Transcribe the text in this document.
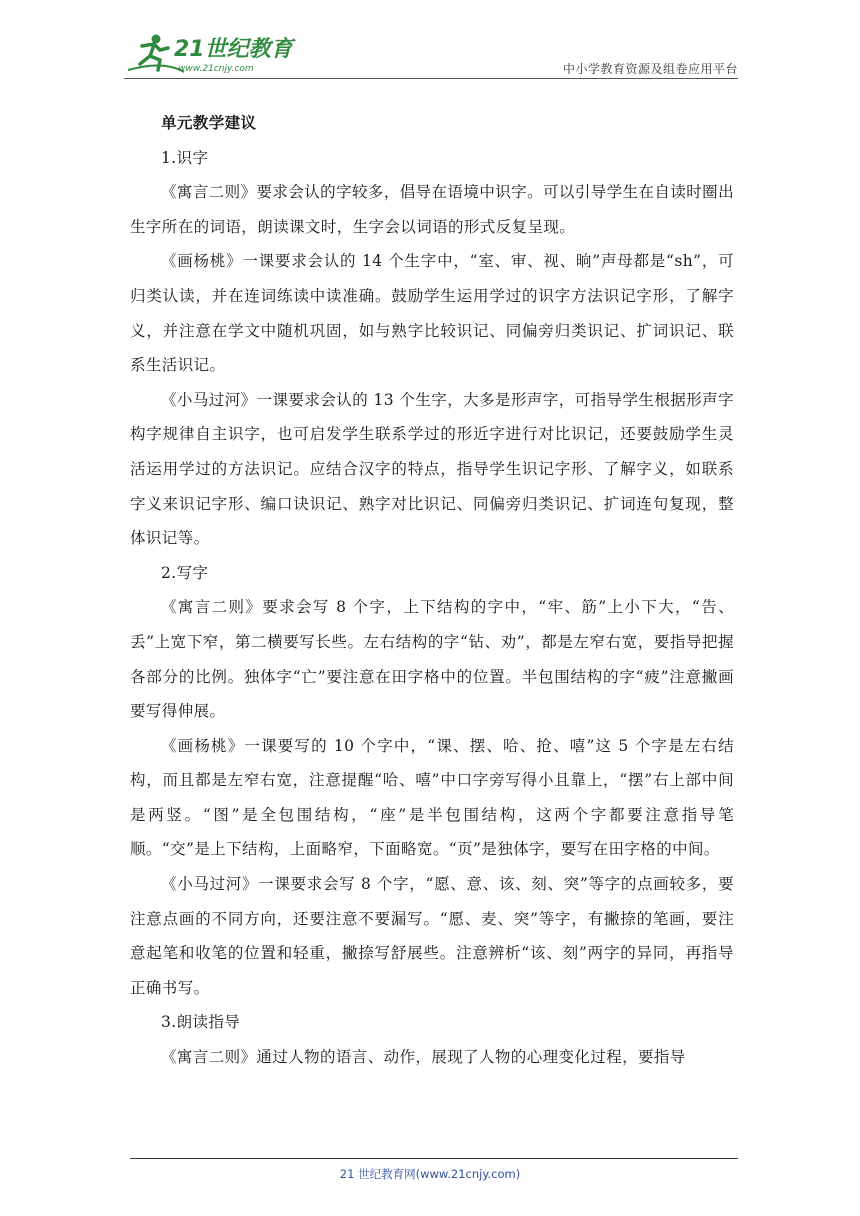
21世纪教育
www.21cnjy.com	中小学教育资源及组卷应用平台

单元教学建议

1.识字

《寓言二则》要求会认的字较多，倡导在语境中识字。可以引导学生在自读时圈出生字所在的词语，朗读课文时，生字会以词语的形式反复呈现。

《画杨桃》一课要求会认的 14 个生字中，“室、审、视、晌”声母都是“sh”，可归类认读，并在连词练读中读准确。鼓励学生运用学过的识字方法识记字形，了解字义，并注意在学文中随机巩固，如与熟字比较识记、同偏旁归类识记、扩词识记、联系生活识记。

《小马过河》一课要求会认的 13 个生字，大多是形声字，可指导学生根据形声字构字规律自主识字，也可启发学生联系学过的形近字进行对比识记，还要鼓励学生灵活运用学过的方法识记。应结合汉字的特点，指导学生识记字形、了解字义，如联系字义来识记字形、编口诀识记、熟字对比识记、同偏旁归类识记、扩词连句复现，整体识记等。

2.写字

《寓言二则》要求会写 8 个字，上下结构的字中，“牢、筋”上小下大，“告、丢”上宽下窄，第二横要写长些。左右结构的字“钻、劝”，都是左窄右宽，要指导把握各部分的比例。独体字“亡”要注意在田字格中的位置。半包围结构的字“疲”注意撇画要写得伸展。

《画杨桃》一课要写的 10 个字中，“课、摆、哈、抢、嘻”这 5 个字是左右结构，而且都是左窄右宽，注意提醒“哈、嘻”中口字旁写得小且靠上，“摆”右上部中间是两竖。“图”是全包围结构，“座”是半包围结构，这两个字都要注意指导笔顺。“交”是上下结构，上面略窄，下面略宽。“页”是独体字，要写在田字格的中间。

《小马过河》一课要求会写 8 个字，“愿、意、该、刻、突”等字的点画较多，要注意点画的不同方向，还要注意不要漏写。“愿、麦、突”等字，有撇捺的笔画，要注意起笔和收笔的位置和轻重，撇捺写舒展些。注意辨析“该、刻”两字的异同，再指导正确书写。

3.朗读指导

《寓言二则》通过人物的语言、动作，展现了人物的心理变化过程，要指导

21 世纪教育网(www.21cnjy.com)
